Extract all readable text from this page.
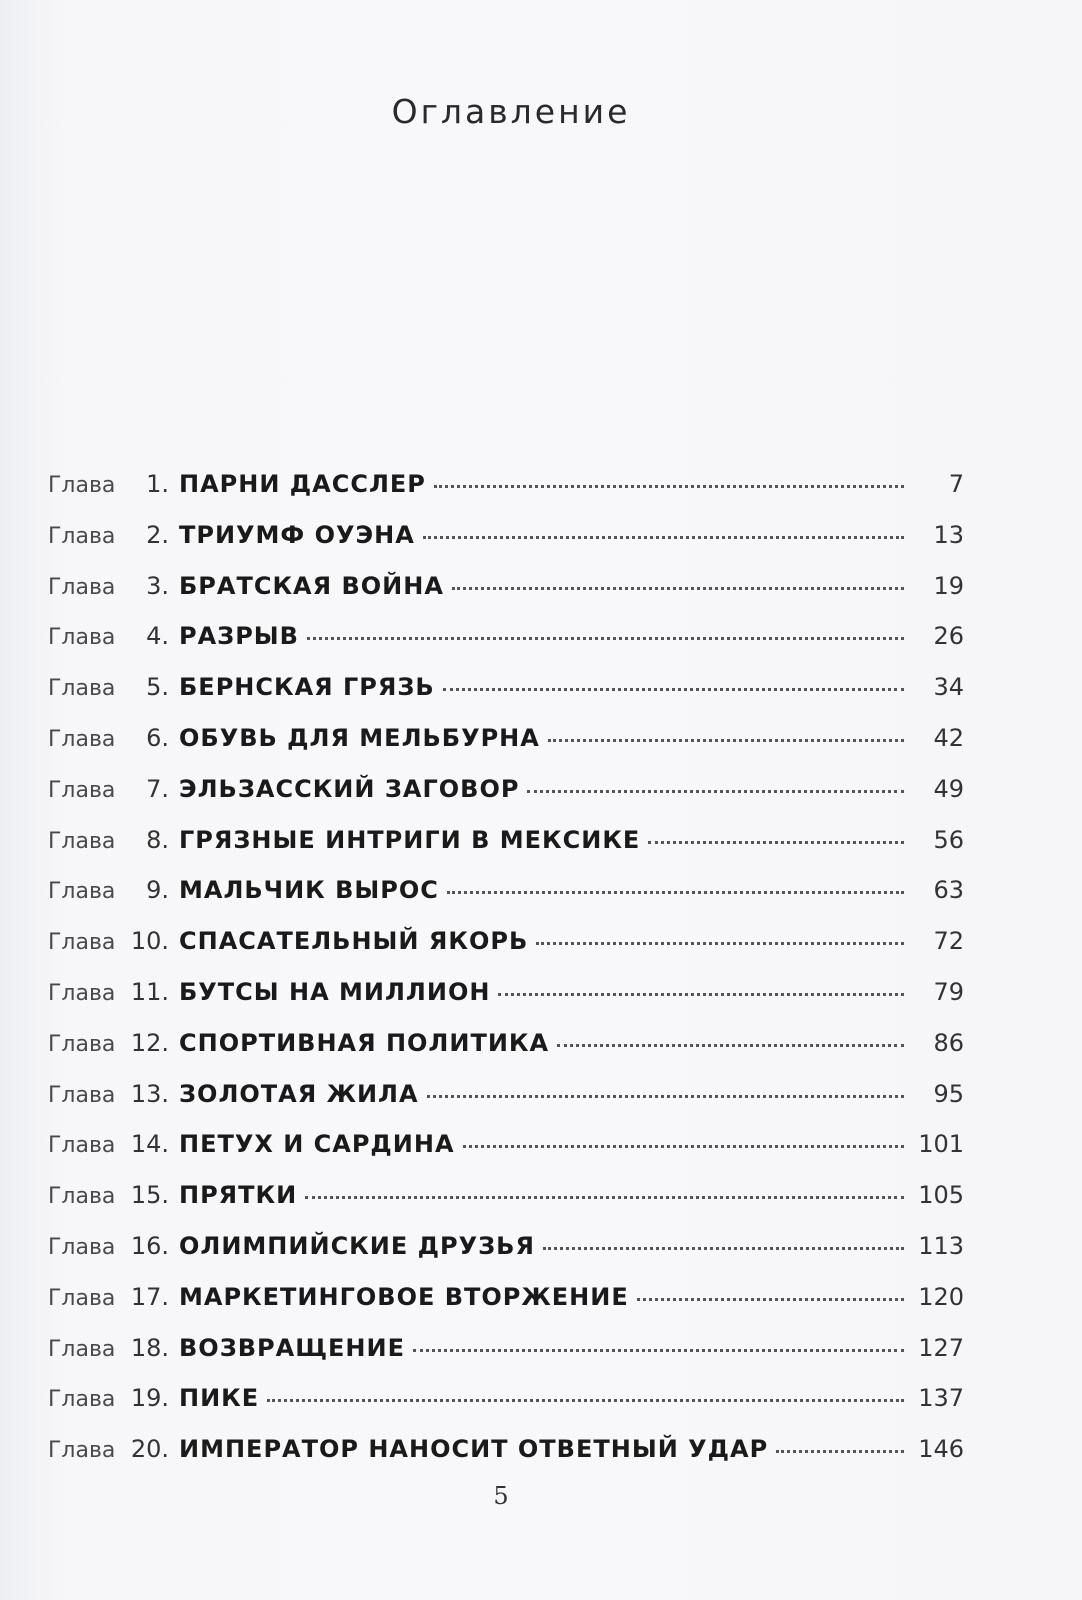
Оглавление
Глава	1. ПАРНИ ДАССЛЕР	7
Глава	2. ТРИУМФ ОУЭНА	13
Глава	3. БРАТСКАЯ ВОЙНА	19
Глава	4. РАЗРЫВ	26
Глава	5. БЕРНСКАЯ ГРЯЗЬ	34
Глава	6. ОБУВЬ ДЛЯ МЕЛЬБУРНА	42
Глава	7. ЭЛЬЗАССКИЙ ЗАГОВОР	49
Глава	8. ГРЯЗНЫЕ ИНТРИГИ В МЕКСИКЕ	56
Глава	9. МАЛЬЧИК ВЫРОС	63
Глава 10. СПАСАТЕЛЬНЫЙ ЯКОРЬ	72
Глава 11. БУТСЫ НА МИЛЛИОН	79
Глава 12. СПОРТИВНАЯ ПОЛИТИКА	86
Глава 13. ЗОЛОТАЯ ЖИЛА	95
Глава 14. ПЕТУХ И САРДИНА	101
Глава 15. ПРЯТКИ	105
Глава 16. ОЛИМПИЙСКИЕ ДРУЗЬЯ	113
Глава 17. МАРКЕТИНГОВОЕ ВТОРЖЕНИЕ	120
Глава 18. ВОЗВРАЩЕНИЕ	127
Глава 19. ПИКЕ	137
Глава 20. ИМПЕРАТОР НАНОСИТ ОТВЕТНЫЙ УДАР	146
5
